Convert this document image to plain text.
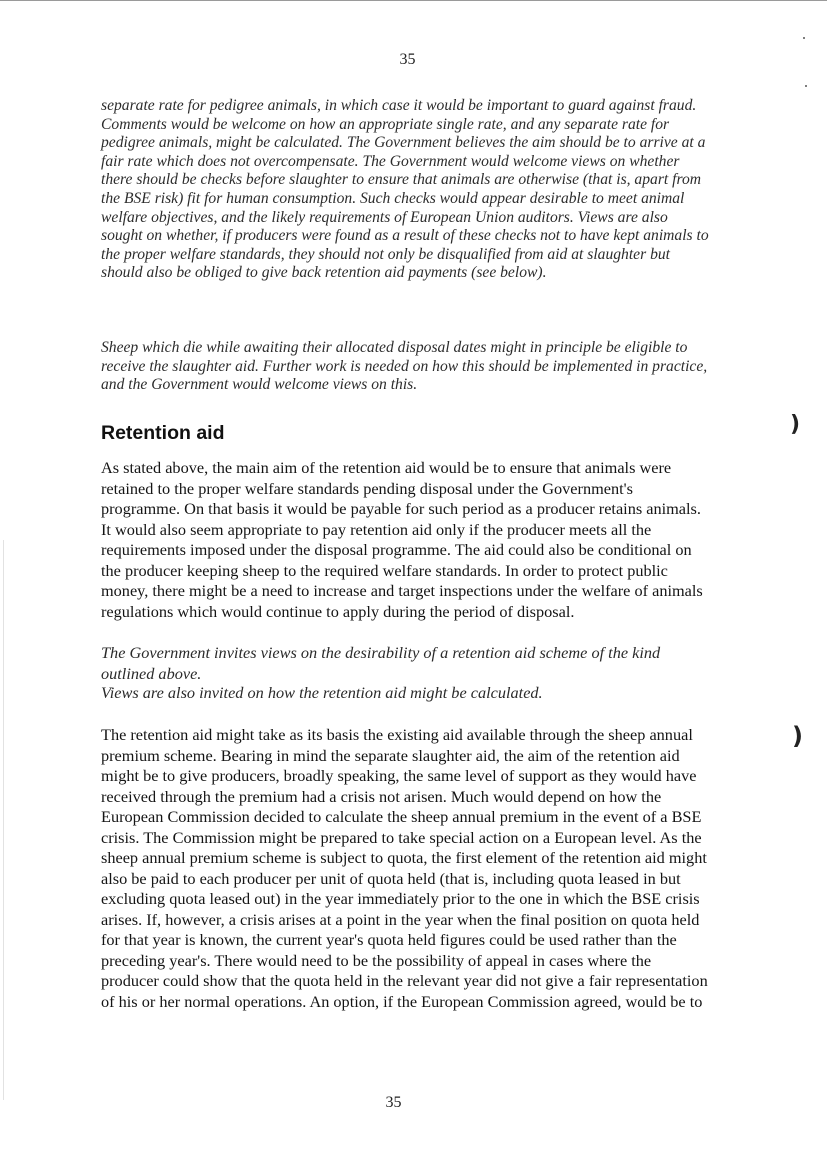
35

separate rate for pedigree animals, in which case it would be important to guard against fraud. Comments would be welcome on how an appropriate single rate, and any separate rate for pedigree animals, might be calculated. The Government believes the aim should be to arrive at a fair rate which does not overcompensate. The Government would welcome views on whether there should be checks before slaughter to ensure that animals are otherwise (that is, apart from the BSE risk) fit for human consumption. Such checks would appear desirable to meet animal welfare objectives, and the likely requirements of European Union auditors. Views are also sought on whether, if producers were found as a result of these checks not to have kept animals to the proper welfare standards, they should not only be disqualified from aid at slaughter but should also be obliged to give back retention aid payments (see below).

Sheep which die while awaiting their allocated disposal dates might in principle be eligible to receive the slaughter aid. Further work is needed on how this should be implemented in practice, and the Government would welcome views on this.

Retention aid

As stated above, the main aim of the retention aid would be to ensure that animals were retained to the proper welfare standards pending disposal under the Government's programme. On that basis it would be payable for such period as a producer retains animals. It would also seem appropriate to pay retention aid only if the producer meets all the requirements imposed under the disposal programme. The aid could also be conditional on the producer keeping sheep to the required welfare standards. In order to protect public money, there might be a need to increase and target inspections under the welfare of animals regulations which would continue to apply during the period of disposal.

The Government invites views on the desirability of a retention aid scheme of the kind outlined above.

Views are also invited on how the retention aid might be calculated.

The retention aid might take as its basis the existing aid available through the sheep annual premium scheme. Bearing in mind the separate slaughter aid, the aim of the retention aid might be to give producers, broadly speaking, the same level of support as they would have received through the premium had a crisis not arisen. Much would depend on how the European Commission decided to calculate the sheep annual premium in the event of a BSE crisis. The Commission might be prepared to take special action on a European level. As the sheep annual premium scheme is subject to quota, the first element of the retention aid might also be paid to each producer per unit of quota held (that is, including quota leased in but excluding quota leased out) in the year immediately prior to the one in which the BSE crisis arises. If, however, a crisis arises at a point in the year when the final position on quota held for that year is known, the current year's quota held figures could be used rather than the preceding year's. There would need to be the possibility of appeal in cases where the producer could show that the quota held in the relevant year did not give a fair representation of his or her normal operations. An option, if the European Commission agreed, would be to

)
)
35
